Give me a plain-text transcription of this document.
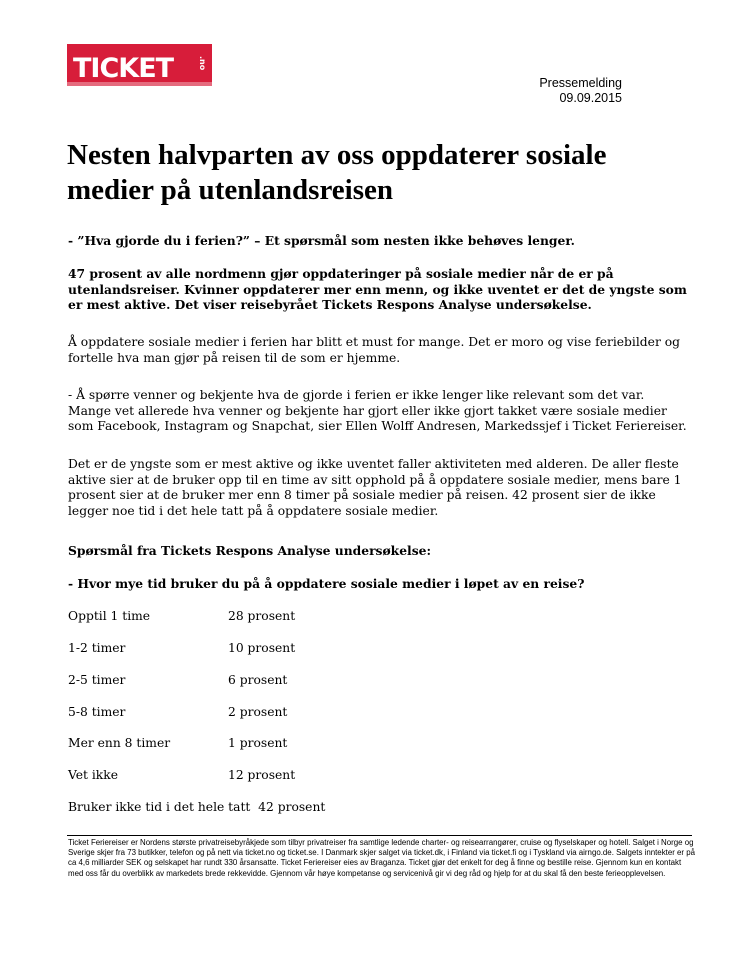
TICKET	.no
Pressemelding
09.09.2015
Nesten halvparten av oss oppdaterer sosiale medier på utenlandsreisen

- ”Hva gjorde du i ferien?” – Et spørsmål som nesten ikke behøves lenger.

47 prosent av alle nordmenn gjør oppdateringer på sosiale medier når de er på utenlandsreiser. Kvinner oppdaterer mer enn menn, og ikke uventet er det de yngste som er mest aktive. Det viser reisebyrået Tickets Respons Analyse undersøkelse.

Å oppdatere sosiale medier i ferien har blitt et must for mange. Det er moro og vise feriebilder og fortelle hva man gjør på reisen til de som er hjemme.

- Å spørre venner og bekjente hva de gjorde i ferien er ikke lenger like relevant som det var. Mange vet allerede hva venner og bekjente har gjort eller ikke gjort takket være sosiale medier som Facebook, Instagram og Snapchat, sier Ellen Wolff Andresen, Markedssjef i Ticket Feriereiser.

Det er de yngste som er mest aktive og ikke uventet faller aktiviteten med alderen. De aller fleste aktive sier at de bruker opp til en time av sitt opphold på å oppdatere sosiale medier, mens bare 1 prosent sier at de bruker mer enn 8 timer på sosiale medier på reisen. 42 prosent sier de ikke legger noe tid i det hele tatt på å oppdatere sosiale medier.

Spørsmål fra Tickets Respons Analyse undersøkelse:

- Hvor mye tid bruker du på å oppdatere sosiale medier i løpet av en reise?

Opptil 1 time	28 prosent
1-2 timer	10 prosent
2-5 timer	6 prosent
5-8 timer	2 prosent
Mer enn 8 timer	1 prosent
Vet ikke	12 prosent
Bruker ikke tid i det hele tatt  42 prosent

Ticket Feriereiser er Nordens største privatreisebyråkjede som tilbyr privatreiser fra samtlige ledende charter- og reisearrangører, cruise og flyselskaper og hotell. Salget i Norge og Sverige skjer fra 73 butikker, telefon og på nett via ticket.no og ticket.se. I Danmark skjer salget via ticket.dk, i Finland via ticket.fi og i Tyskland via airngo.de. Salgets inntekter er på ca 4,6 milliarder SEK og selskapet har rundt 330 årsansatte. Ticket Feriereiser eies av Braganza. Ticket gjør det enkelt for deg å finne og bestille reise. Gjennom kun en kontakt med oss får du overblikk av markedets brede rekkevidde. Gjennom vår høye kompetanse og servicenivå gir vi deg råd og hjelp for at du skal få den beste ferieopplevelsen.
